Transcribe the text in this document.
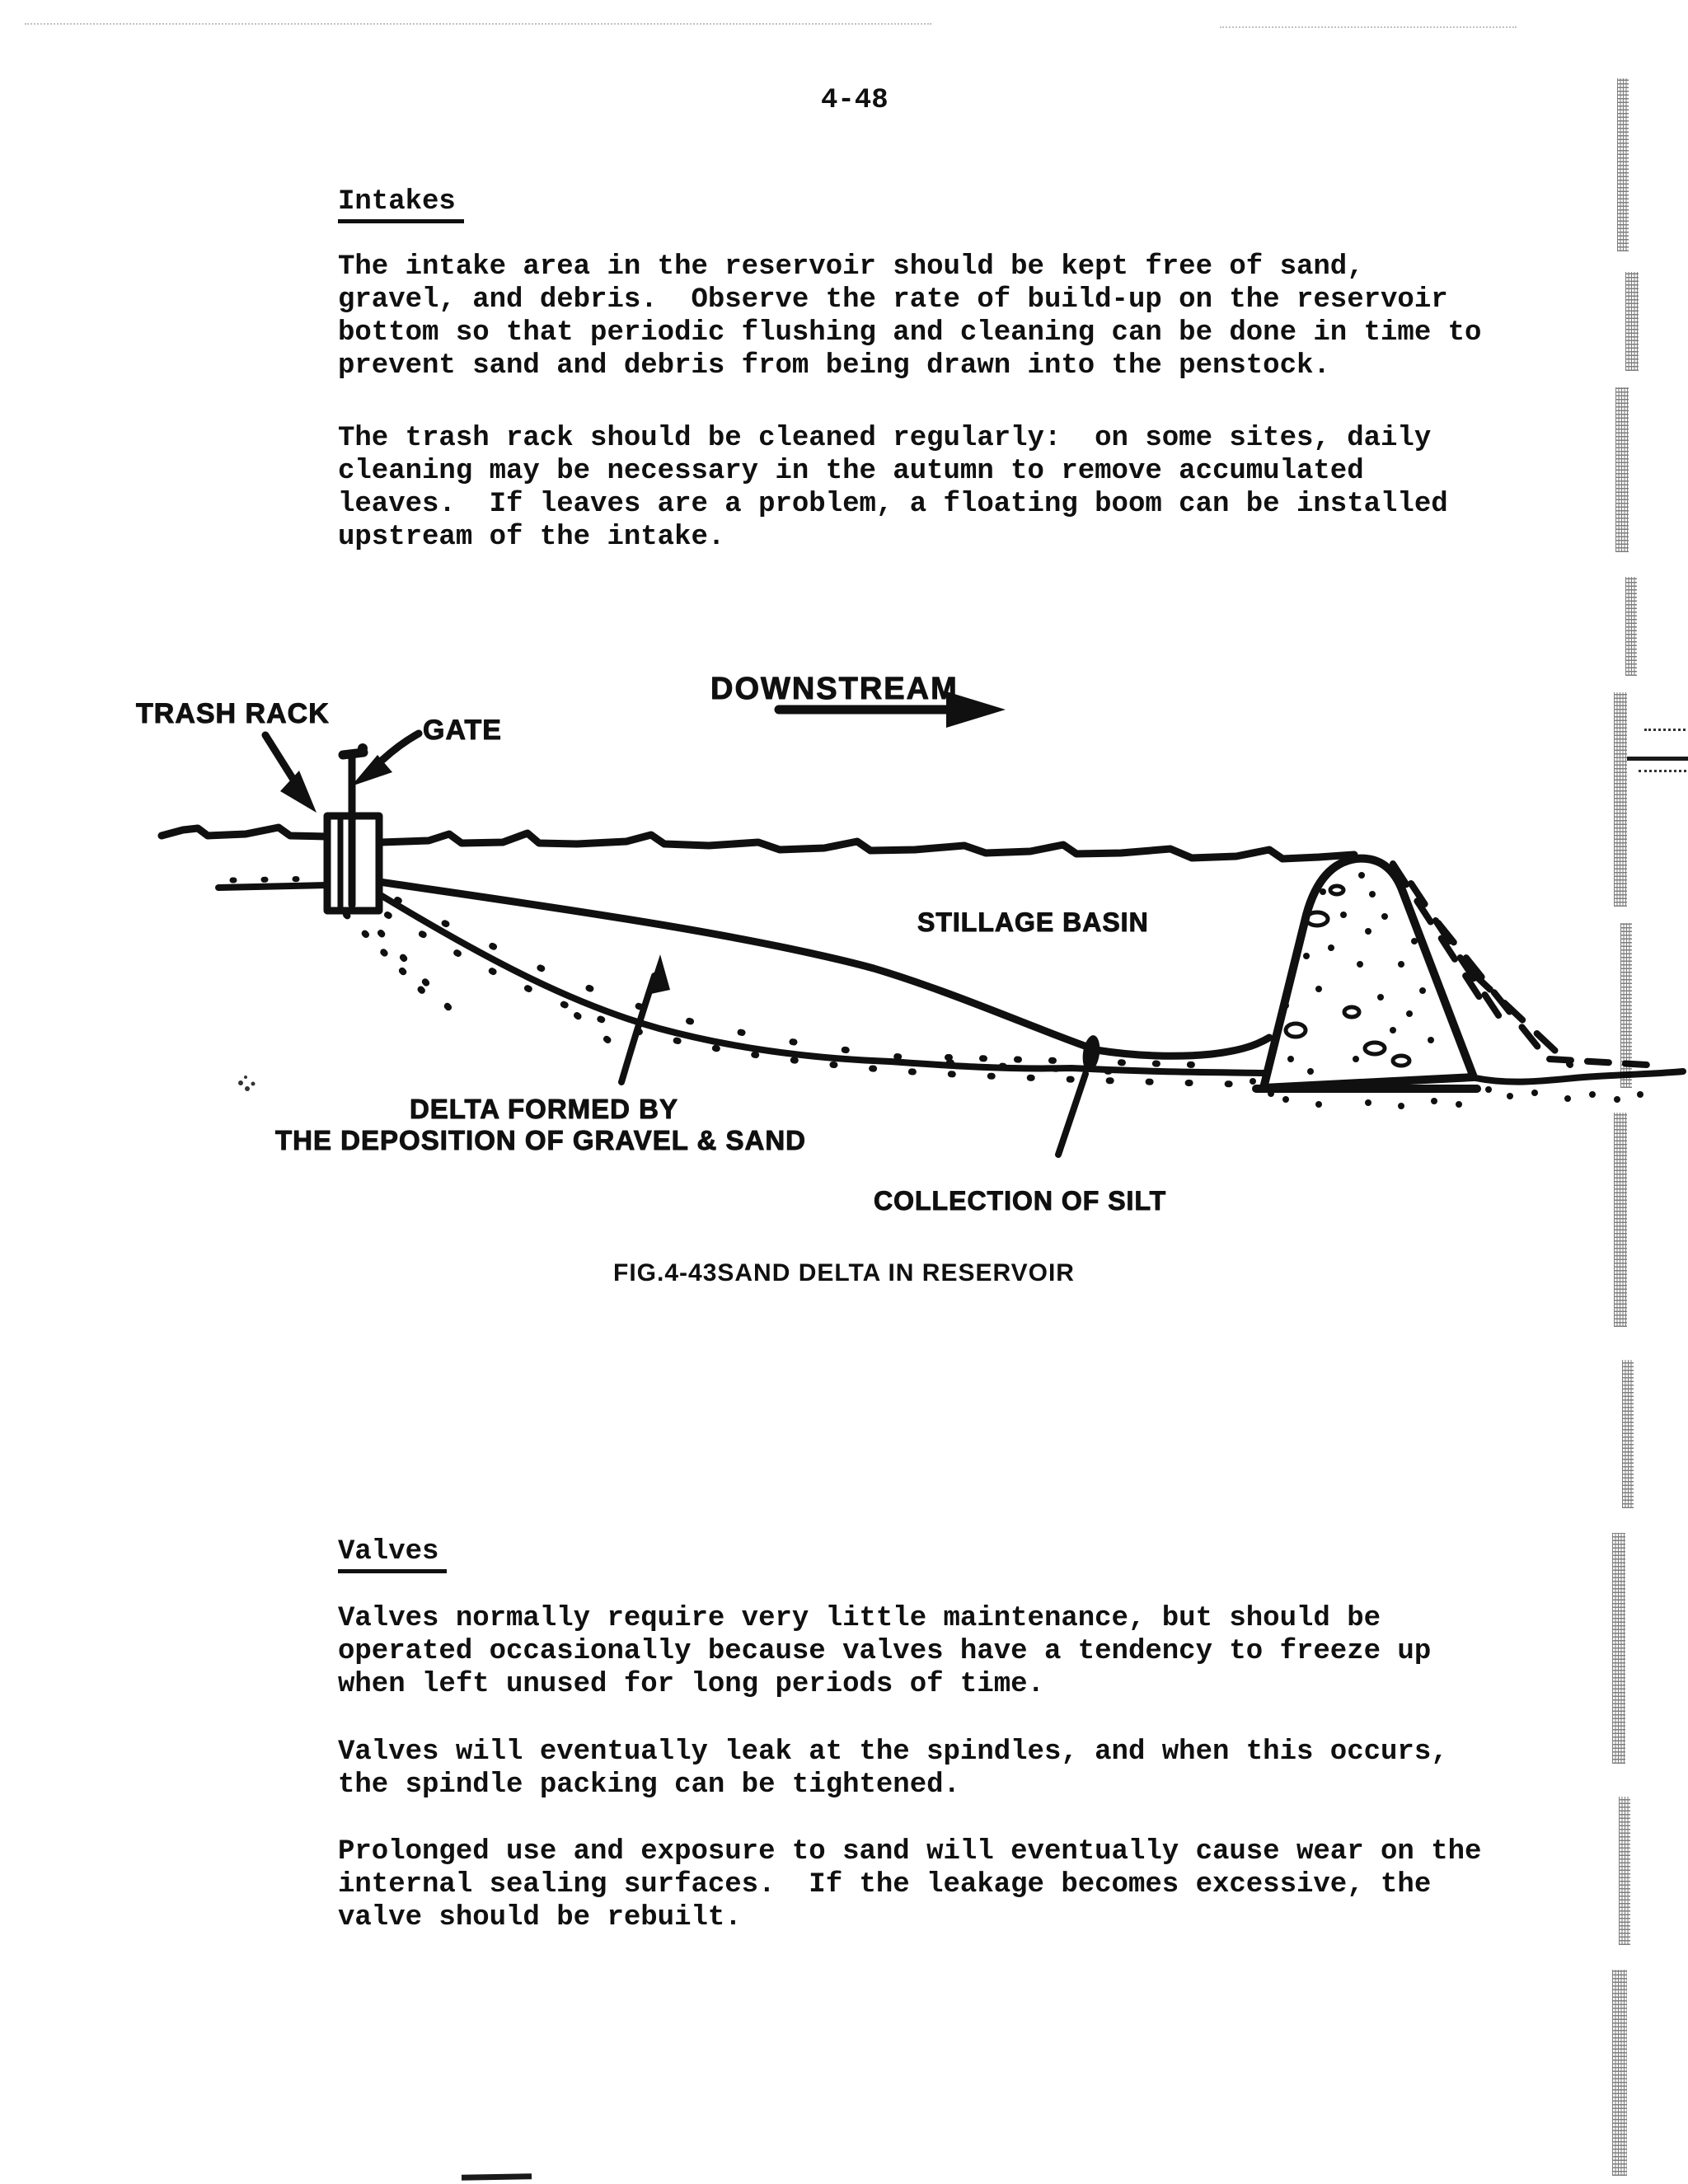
4-48
Intakes
The intake area in the reservoir should be kept free of sand,
gravel, and debris.  Observe the rate of build-up on the reservoir
bottom so that periodic flushing and cleaning can be done in time to
prevent sand and debris from being drawn into the penstock.
The trash rack should be cleaned regularly:  on some sites, daily
cleaning may be necessary in the autumn to remove accumulated
leaves.  If leaves are a problem, a floating boom can be installed
upstream of the intake.
TRASH RACK
GATE
DOWNSTREAM
STILLAGE BASIN
DELTA FORMED BY
THE DEPOSITION OF GRAVEL & SAND
COLLECTION OF SILT
FIG.4-43SAND DELTA IN RESERVOIR
Valves
Valves normally require very little maintenance, but should be
operated occasionally because valves have a tendency to freeze up
when left unused for long periods of time.
Valves will eventually leak at the spindles, and when this occurs,
the spindle packing can be tightened.
Prolonged use and exposure to sand will eventually cause wear on the
internal sealing surfaces.  If the leakage becomes excessive, the
valve should be rebuilt.
